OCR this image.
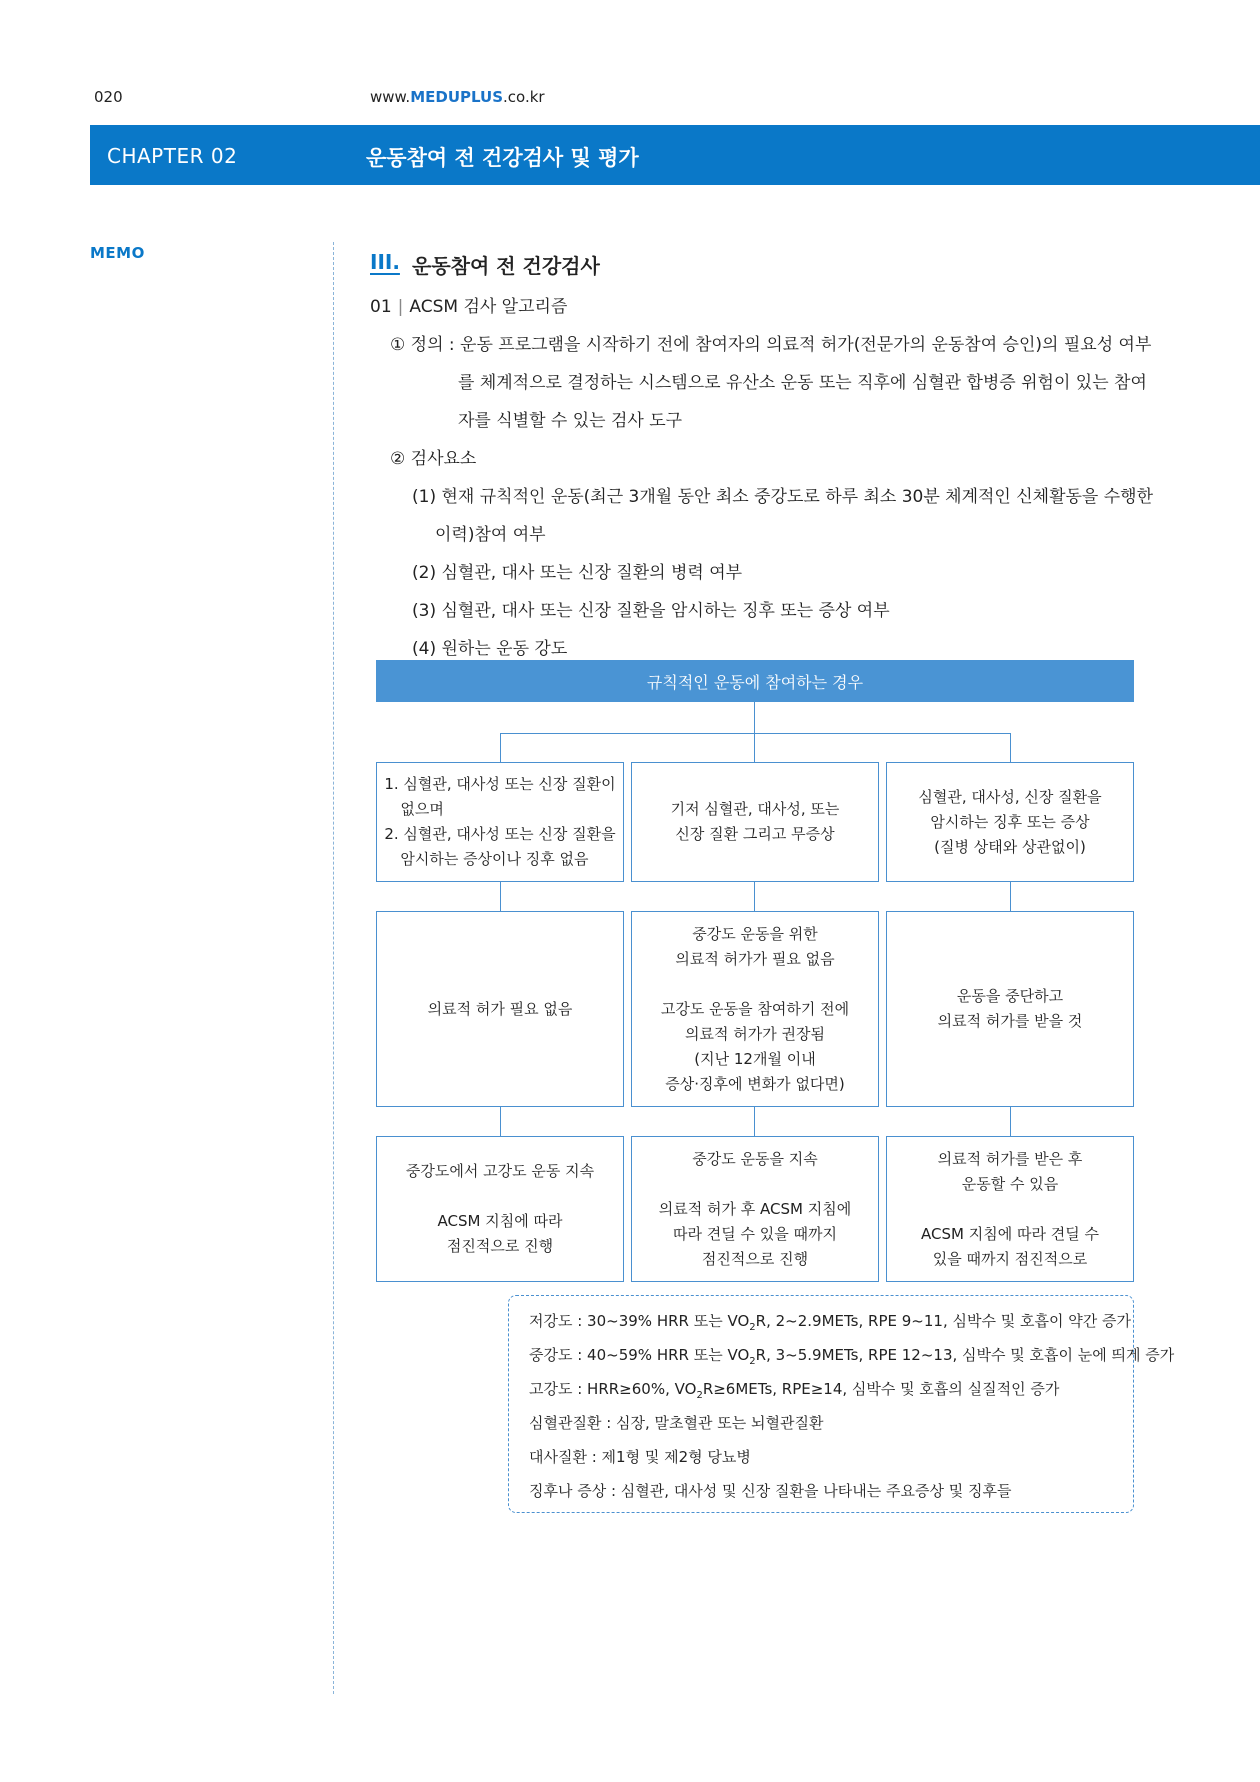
020	www.MEDUPLUS.co.kr
CHAPTER 02	운동참여 전 건강검사 및 평가
MEMO	III. 운동참여 전 건강검사
01 | ACSM 검사 알고리즘
① 정의 : 운동 프로그램을 시작하기 전에 참여자의 의료적 허가(전문가의 운동참여 승인)의 필요성 여부
를 체계적으로 결정하는 시스템으로 유산소 운동 또는 직후에 심혈관 합병증 위험이 있는 참여
자를 식별할 수 있는 검사 도구
② 검사요소
(1) 현재 규칙적인 운동(최근 3개월 동안 최소 중강도로 하루 최소 30분 체계적인 신체활동을 수행한
이력)참여 여부
(2) 심혈관, 대사 또는 신장 질환의 병력 여부
(3) 심혈관, 대사 또는 신장 질환을 암시하는 징후 또는 증상 여부
(4) 원하는 운동 강도
규칙적인 운동에 참여하는 경우
1. 심혈관, 대사성 또는 신장 질환이
없으며
2. 심혈관, 대사성 또는 신장 질환을
암시하는 증상이나 징후 없음
기저 심혈관, 대사성, 또는
신장 질환 그리고 무증상
심혈관, 대사성, 신장 질환을
암시하는 징후 또는 증상
(질병 상태와 상관없이)
의료적 허가 필요 없음
중강도 운동을 위한
의료적 허가가 필요 없음
고강도 운동을 참여하기 전에
의료적 허가가 권장됨
(지난 12개월 이내
증상·징후에 변화가 없다면)
운동을 중단하고
의료적 허가를 받을 것
중강도에서 고강도 운동 지속
ACSM 지침에 따라
점진적으로 진행
중강도 운동을 지속
의료적 허가 후 ACSM 지침에
따라 견딜 수 있을 때까지
점진적으로 진행
의료적 허가를 받은 후
운동할 수 있음
ACSM 지침에 따라 견딜 수
있을 때까지 점진적으로
저강도 : 30~39% HRR 또는 $VO_2R$, 2~2.9METs, RPE 9~11, 심박수 및 호흡이 약간 증가
중강도 : 40~59% HRR 또는 $VO_2R$, 3~5.9METs, RPE 12~13, 심박수 및 호흡이 눈에 띄게 증가
고강도 : HRR≥60%, $VO_2R\ge 6METs$, RPE≥14, 심박수 및 호흡의 실질적인 증가
심혈관질환 : 심장, 말초혈관 또는 뇌혈관질환
대사질환 : 제1형 및 제2형 당뇨병
징후나 증상 : 심혈관, 대사성 및 신장 질환을 나타내는 주요증상 및 징후들
